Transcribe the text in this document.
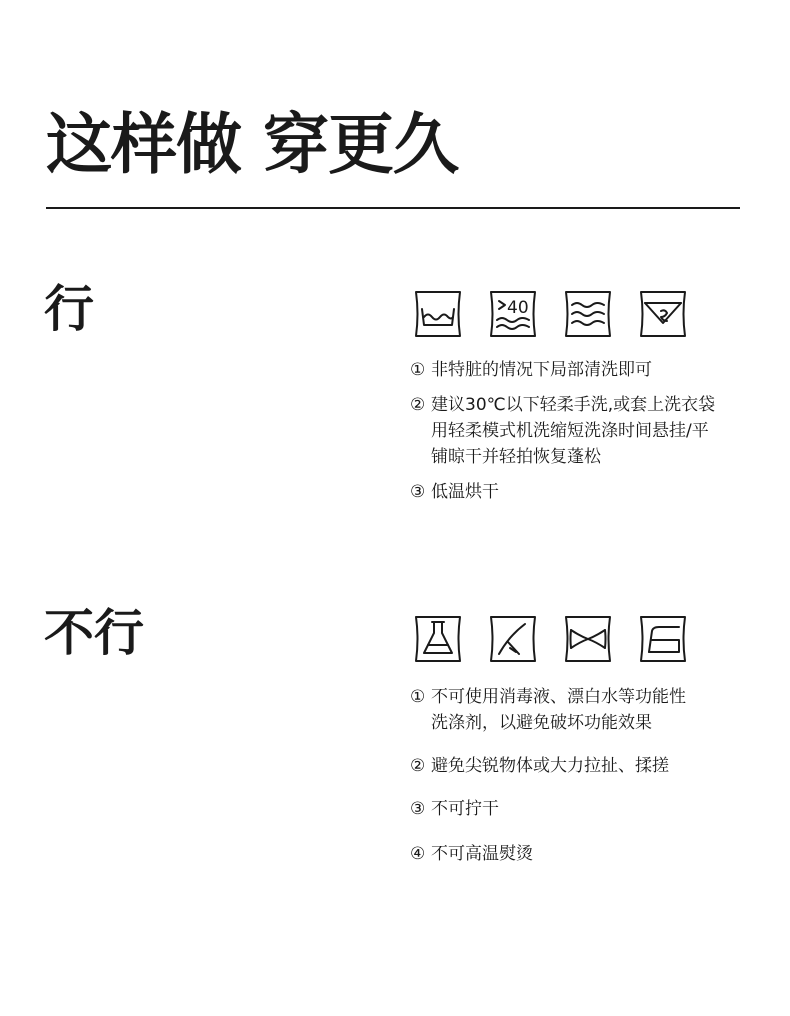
这样做 穿更久
行	40
① 非特脏的情况下局部清洗即可
② 建议30℃以下轻柔手洗,或套上洗衣袋用轻柔模式机洗缩短洗涤时间悬挂/平铺晾干并轻拍恢复蓬松
③ 低温烘干
不行
① 不可使用消毒液、漂白水等功能性洗涤剂，以避免破坏功能效果
② 避免尖锐物体或大力拉扯、揉搓
③ 不可拧干
④ 不可高温熨烫
